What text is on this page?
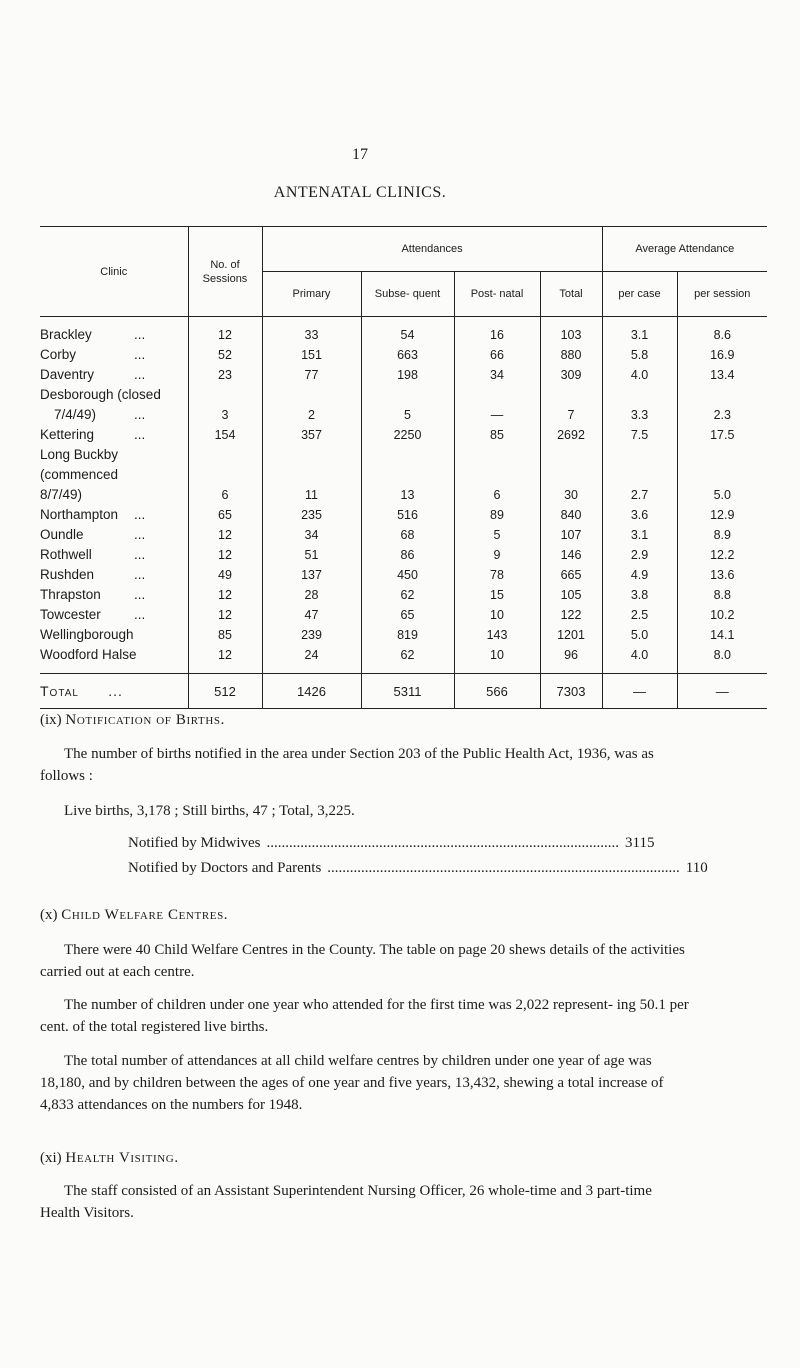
17
ANTENATAL CLINICS.
Clinic	No. of Sessions	Attendances				Average Attendance	
		Primary	Subse- quent	Post- natal	Total	per case	per session
Brackley ...	12	33	54	16	103	3.1	8.6
Corby ...	52	151	663	66	880	5.8	16.9
Daventry ...	23	77	198	34	309	4.0	13.4
Desborough (closed							
7/4/49) ...	3	2	5	—	7	3.3	2.3
Kettering ...	154	357	2250	85	2692	7.5	17.5
Long Buckby							
(commenced							
8/7/49)	6	11	13	6	30	2.7	5.0
Northampton ...	65	235	516	89	840	3.6	12.9
Oundle ...	12	34	68	5	107	3.1	8.9
Rothwell ...	12	51	86	9	146	2.9	12.2
Rushden ...	49	137	450	78	665	4.9	13.6
Thrapston ...	12	28	62	15	105	3.8	8.8
Towcester ...	12	47	65	10	122	2.5	10.2
Wellingborough	85	239	819	143	1201	5.0	14.1
Woodford Halse	12	24	62	10	96	4.0	8.0

Total ...	512	1426	5311	566	7303	—	—
(ix) Notification of Births.

The number of births notified in the area under Section 203 of the Public Health Act, 1936, was as follows :

Live births, 3,178 ; Still births, 47 ; Total, 3,225.

Notified by Midwives .............................................................................................. 3115
Notified by Doctors and Parents .............................................................................................. 110
(x) Child Welfare Centres.

There were 40 Child Welfare Centres in the County. The table on page 20 shews details of the activities carried out at each centre.

The number of children under one year who attended for the first time was 2,022 represent- ing 50.1 per cent. of the total registered live births.

The total number of attendances at all child welfare centres by children under one year of age was 18,180, and by children between the ages of one year and five years, 13,432, shewing a total increase of 4,833 attendances on the numbers for 1948.

(xi) Health Visiting.

The staff consisted of an Assistant Superintendent Nursing Officer, 26 whole-time and 3 part-time Health Visitors.
